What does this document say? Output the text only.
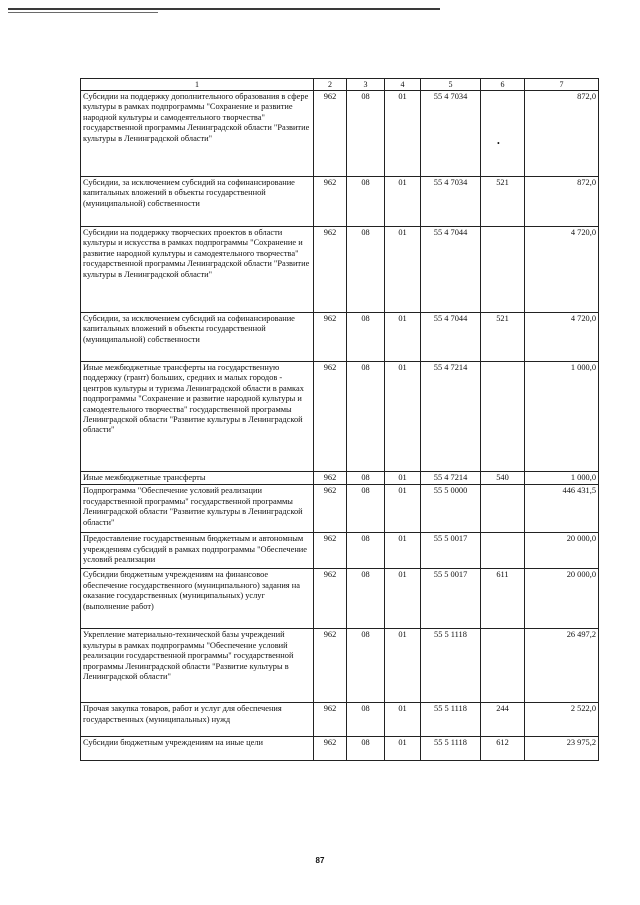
1	2	3	4	5	6	7
Субсидии на поддержку дополнительного образования в сфере культуры в рамках подпрограммы "Сохранение и развитие народной культуры и самодеятельного творчества" государственной программы Ленинградской области "Развитие культуры в Ленинградской области"	962	08	01	55 4 7034		872,0
Субсидии, за исключением субсидий на софинансирование капитальных вложений в объекты государственной (муниципальной) собственности	962	08	01	55 4 7034	521	872,0
Субсидии на поддержку творческих проектов в области культуры и искусства в рамках подпрограммы "Сохранение и развитие народной культуры и самодеятельного творчества" государственной программы Ленинградской области "Развитие культуры в Ленинградской области"	962	08	01	55 4 7044		4 720,0
Субсидии, за исключением субсидий на софинансирование капитальных вложений в объекты государственной (муниципальной) собственности	962	08	01	55 4 7044	521	4 720,0
Иные межбюджетные трансферты на государственную поддержку (грант) больших, средних и малых городов - центров культуры и туризма Ленинградской области в рамках подпрограммы "Сохранение и развитие народной культуры и самодеятельного творчества" государственной программы Ленинградской области "Развитие культуры в Ленинградской области"	962	08	01	55 4 7214		1 000,0
Иные межбюджетные трансферты	962	08	01	55 4 7214	540	1 000,0
Подпрограмма "Обеспечение условий реализации государственной программы" государственной программы Ленинградской области "Развитие культуры в Ленинградской области"	962	08	01	55 5 0000		446 431,5
Предоставление государственным бюджетным и автономным учреждениям субсидий в рамках подпрограммы "Обеспечение условий реализации	962	08	01	55 5 0017		20 000,0
Субсидии бюджетным учреждениям на финансовое обеспечение государственного (муниципального) задания на оказание государственных (муниципальных) услуг (выполнение работ)	962	08	01	55 5 0017	611	20 000,0
Укрепление материально-технической базы учреждений культуры в рамках подпрограммы "Обеспечение условий реализации государственной программы" государственной программы Ленинградской области "Развитие культуры в Ленинградской области"	962	08	01	55 5 1118		26 497,2
Прочая закупка товаров, работ и услуг для обеспечения государственных (муниципальных) нужд	962	08	01	55 5 1118	244	2 522,0
Субсидии бюджетным учреждениям на иные цели	962	08	01	55 5 1118	612	23 975,2
•
87
